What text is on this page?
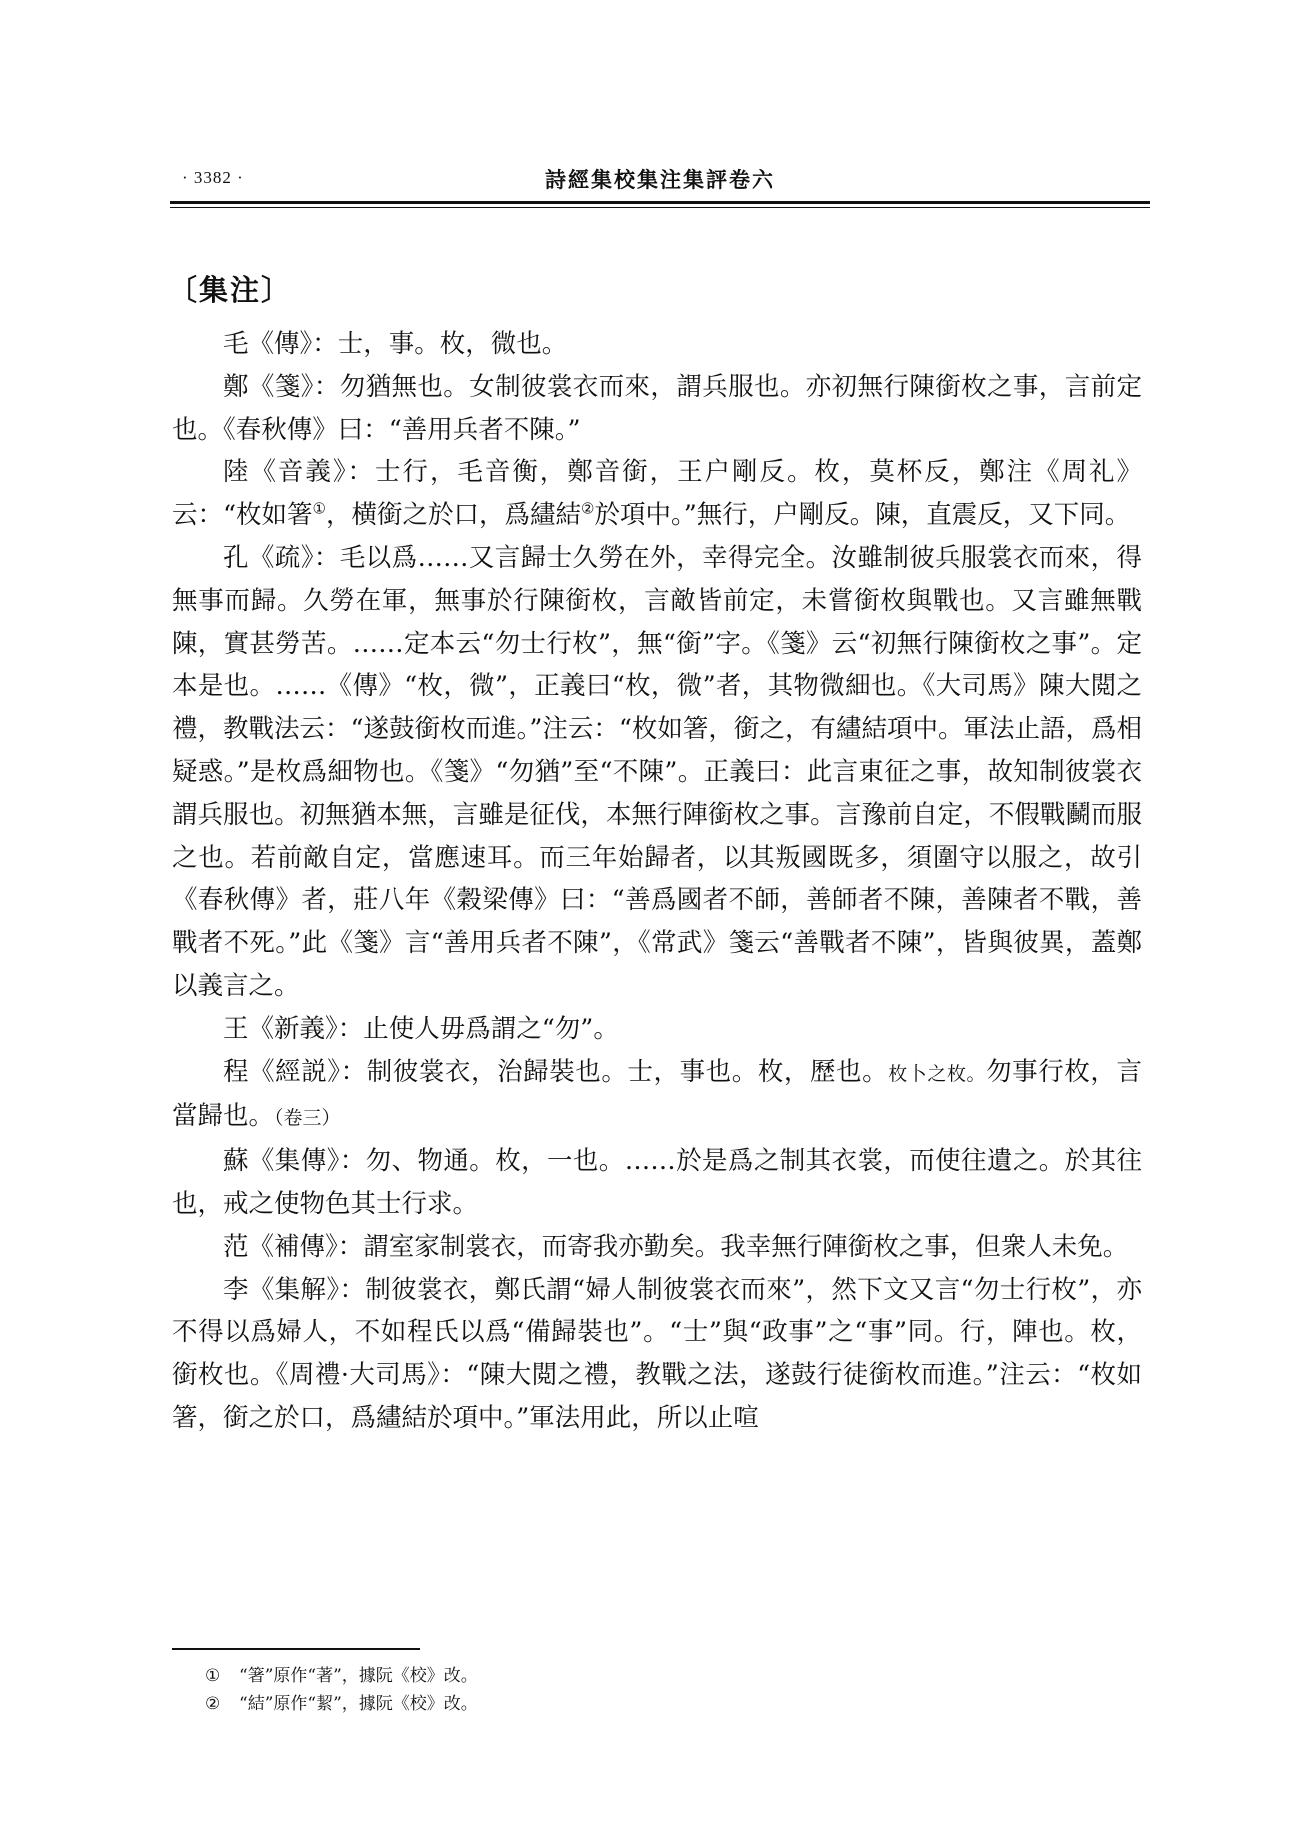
· 3382 ·	詩經集校集注集評卷六
〔集注〕

毛《傳》：士，事。枚，微也。

鄭《箋》：勿猶無也。女制彼裳衣而來，謂兵服也。亦初無行陳銜枚之事，言前定也。《春秋傳》曰：“善用兵者不陳。”

陸《音義》：士行，毛音衡，鄭音銜，王户剛反。枚，莫杯反，鄭注《周礼》云：“枚如箸①，横銜之於口，爲繣結②於項中。”無行，户剛反。陳，直震反，又下同。

孔《疏》：毛以爲……又言歸士久勞在外，幸得完全。汝雖制彼兵服裳衣而來，得無事而歸。久勞在軍，無事於行陳銜枚，言敵皆前定，未嘗銜枚與戰也。又言雖無戰陳，實甚勞苦。……定本云“勿士行枚”，無“銜”字。《箋》云“初無行陳銜枚之事”。定本是也。……《傳》“枚，微”，正義曰“枚，微”者，其物微細也。《大司馬》陳大閲之禮，教戰法云：“遂鼓銜枚而進。”注云：“枚如箸，銜之，有繣結項中。軍法止語，爲相疑惑。”是枚爲細物也。《箋》“勿猶”至“不陳”。正義曰：此言東征之事，故知制彼裳衣謂兵服也。初無猶本無，言雖是征伐，本無行陣銜枚之事。言豫前自定，不假戰鬭而服之也。若前敵自定，當應速耳。而三年始歸者，以其叛國既多，須圍守以服之，故引《春秋傳》者，莊八年《穀梁傳》曰：“善爲國者不師，善師者不陳，善陳者不戰，善戰者不死。”此《箋》言“善用兵者不陳”，《常武》箋云“善戰者不陳”，皆與彼異，蓋鄭以義言之。

王《新義》：止使人毋爲謂之“勿”。

程《經説》：制彼裳衣，治歸裝也。士，事也。枚，歷也。枚卜之枚。勿事行枚，言當歸也。（卷三）

蘇《集傳》：勿、物通。枚，一也。……於是爲之制其衣裳，而使往遺之。於其往也，戒之使物色其士行求。

范《補傳》：謂室家制裳衣，而寄我亦勤矣。我幸無行陣銜枚之事，但衆人未免。

李《集解》：制彼裳衣，鄭氏謂“婦人制彼裳衣而來”，然下文又言“勿士行枚”，亦不得以爲婦人，不如程氏以爲“備歸裝也”。“士”與“政事”之“事”同。行，陣也。枚，銜枚也。《周禮·大司馬》：“陳大閲之禮，教戰之法，遂鼓行徒銜枚而進。”注云：“枚如箸，銜之於口，爲繣結於項中。”軍法用此，所以止喧

① “箸”原作“著”，據阮《校》改。
② “結”原作“絜”，據阮《校》改。
